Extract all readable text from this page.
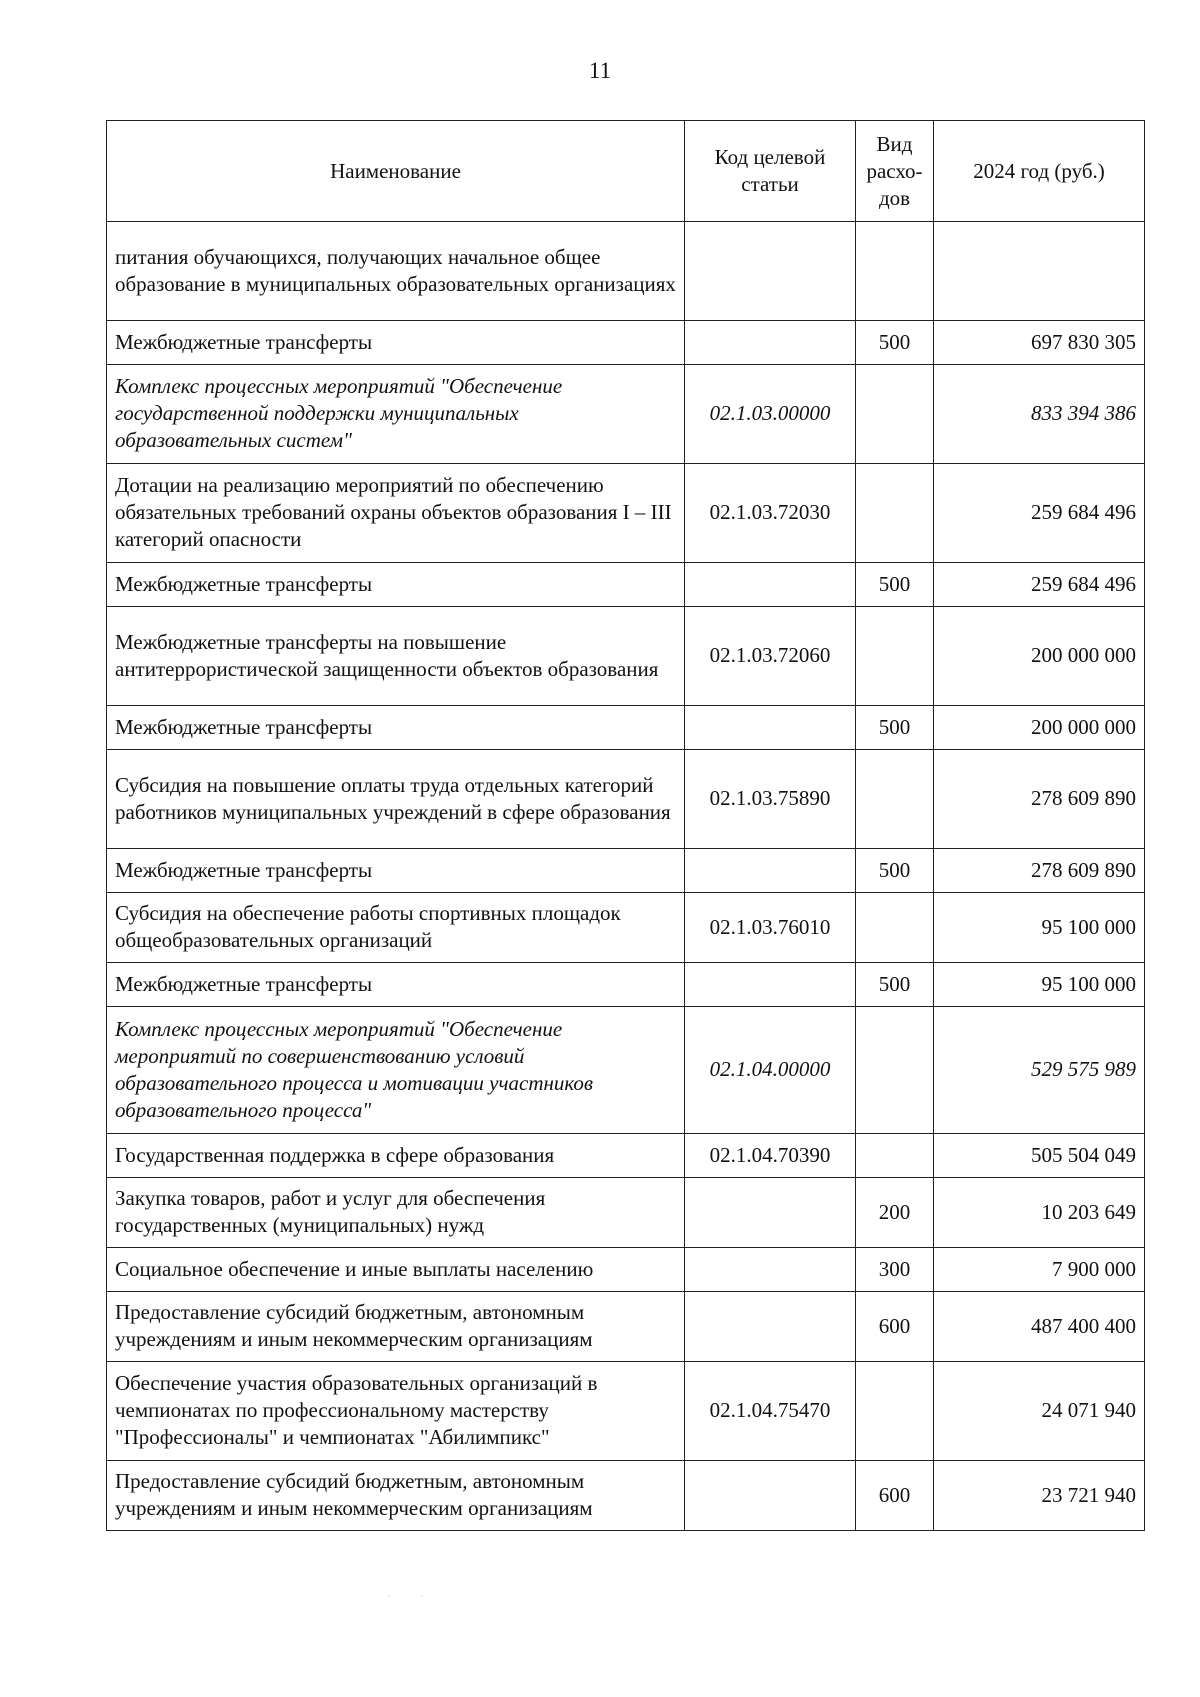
11
Наименование	Код целевой статьи	Вид расхо-дов	2024 год (руб.)
питания обучающихся, получающих начальное общее образование в муниципальных образовательных организациях			
Межбюджетные трансферты		500	697 830 305
Комплекс процессных мероприятий "Обеспечение государственной поддержки муниципальных образовательных систем"	02.1.03.00000		833 394 386
Дотации на реализацию мероприятий по обеспечению обязательных требований охраны объектов образования I – III категорий опасности	02.1.03.72030		259 684 496
Межбюджетные трансферты		500	259 684 496
Межбюджетные трансферты на повышение антитеррористической защищенности объектов образования	02.1.03.72060		200 000 000
Межбюджетные трансферты		500	200 000 000
Субсидия на повышение оплаты труда отдельных категорий работников муниципальных учреждений в сфере образования	02.1.03.75890		278 609 890
Межбюджетные трансферты		500	278 609 890
Субсидия на обеспечение работы спортивных площадок общеобразовательных организаций	02.1.03.76010		95 100 000
Межбюджетные трансферты		500	95 100 000
Комплекс процессных мероприятий "Обеспечение мероприятий по совершенствованию условий образовательного процесса и мотивации участников образовательного процесса"	02.1.04.00000		529 575 989
Государственная поддержка в сфере образования	02.1.04.70390		505 504 049
Закупка товаров, работ и услуг для обеспечения государственных (муниципальных) нужд		200	10 203 649
Социальное обеспечение и иные выплаты населению		300	7 900 000
Предоставление субсидий бюджетным, автономным учреждениям и иным некоммерческим организациям		600	487 400 400
Обеспечение участия образовательных организаций в чемпионатах по профессиональному мастерству "Профессионалы" и чемпионатах "Абилимпикс"	02.1.04.75470		24 071 940
Предоставление субсидий бюджетным, автономным учреждениям и иным некоммерческим организациям		600	23 721 940
· ·
